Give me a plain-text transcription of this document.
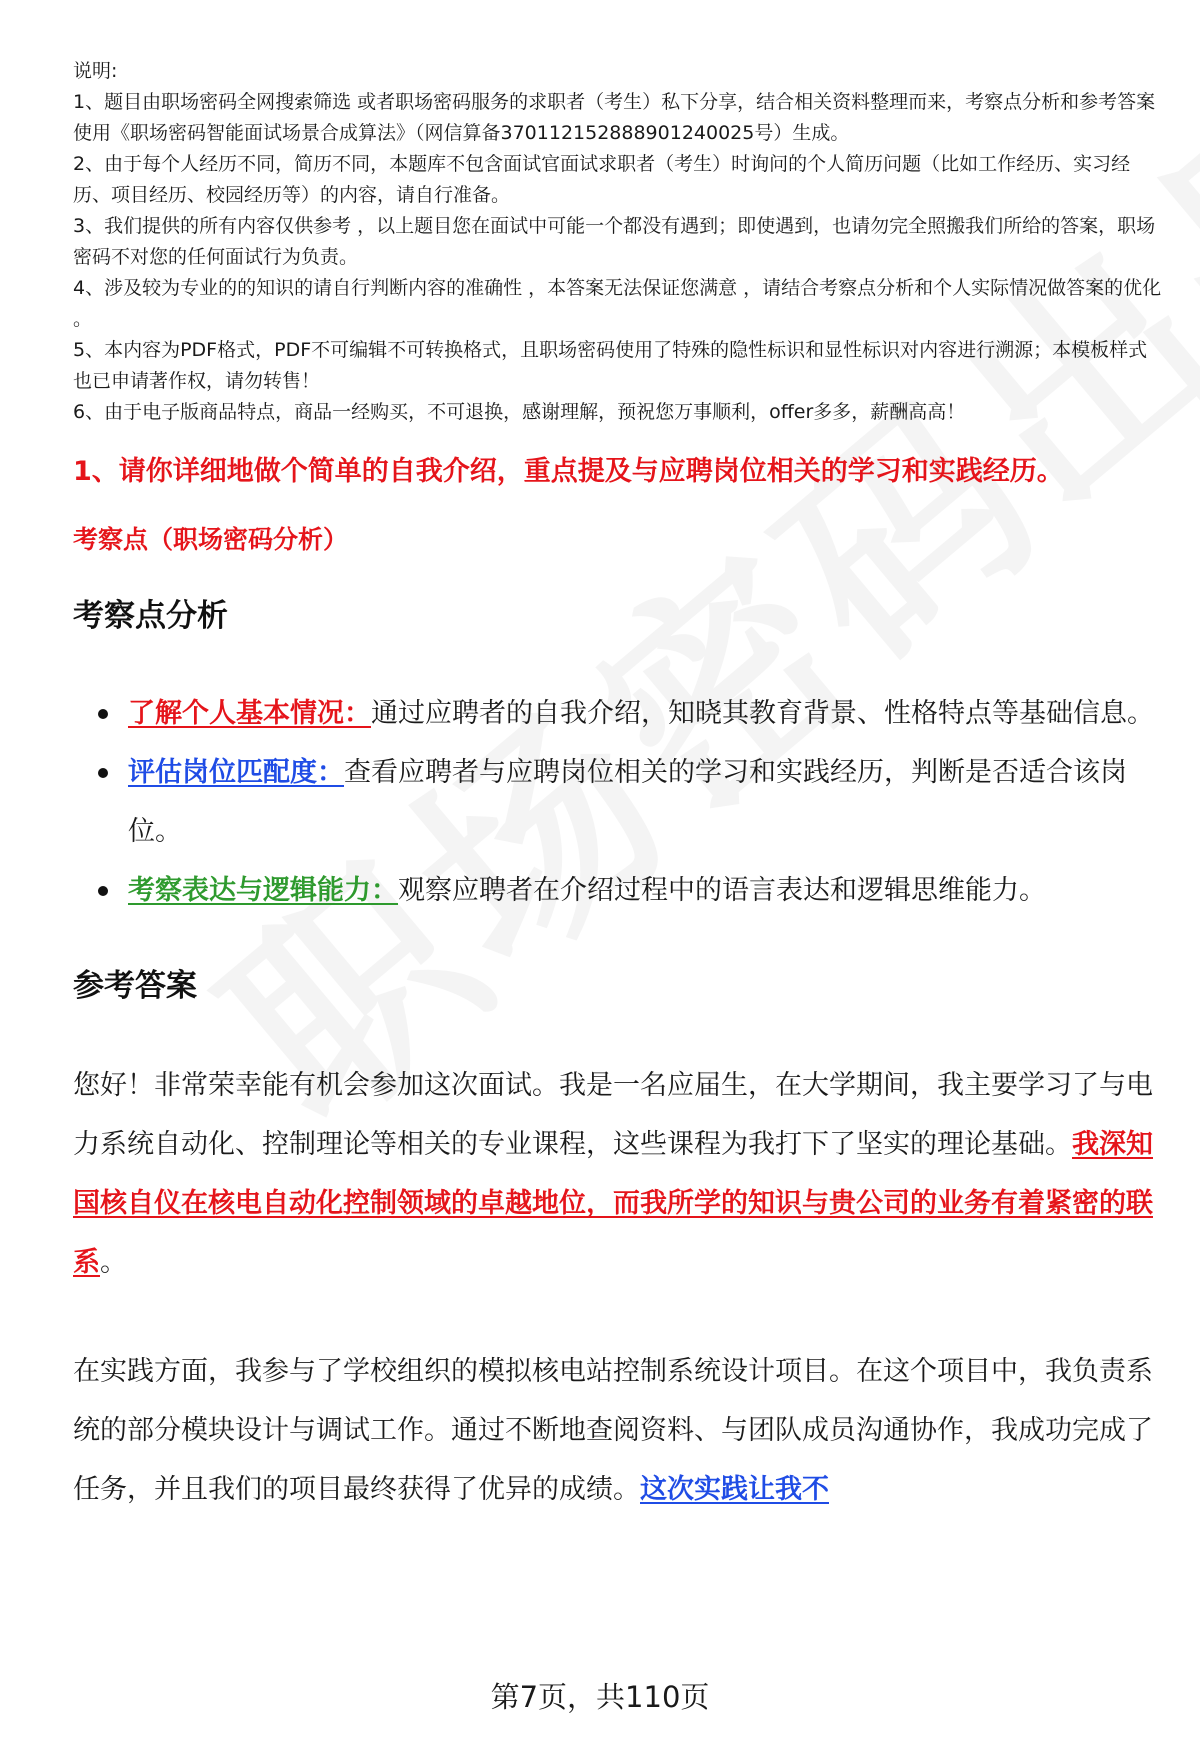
说明:

1、题目由职场密码全网搜索筛选 或者职场密码服务的求职者（考生）私下分享，结合相关资料整理而来，考察点分析和参考答案使用《职场密码智能面试场景合成算法》（网信算备370112152888901240025号）生成。

2、由于每个人经历不同，简历不同，本题库不包含面试官面试求职者（考生）时询问的个人简历问题（比如工作经历、实习经历、项目经历、校园经历等）的内容，请自行准备。

3、我们提供的所有内容仅供参考 ，以上题目您在面试中可能一个都没有遇到；即使遇到，也请勿完全照搬我们所给的答案，职场密码不对您的任何面试行为负责。

4、涉及较为专业的的知识的请自行判断内容的准确性 ，本答案无法保证您满意 ，请结合考察点分析和个人实际情况做答案的优化 。

5、本内容为PDF格式，PDF不可编辑不可转换格式，且职场密码使用了特殊的隐性标识和显性标识对内容进行溯源；本模板样式也已申请著作权，请勿转售！

6、由于电子版商品特点，商品一经购买，不可退换，感谢理解，预祝您万事顺利，offer多多，薪酬高高！

1、请你详细地做个简单的自我介绍，重点提及与应聘岗位相关的学习和实践经历。
考察点（职场密码分析）
考察点分析
了解个人基本情况：通过应聘者的自我介绍，知晓其教育背景、性格特点等基础信息。
评估岗位匹配度：查看应聘者与应聘岗位相关的学习和实践经历，判断是否适合该岗位。
考察表达与逻辑能力：观察应聘者在介绍过程中的语言表达和逻辑思维能力。
参考答案

您好！非常荣幸能有机会参加这次面试。我是一名应届生，在大学期间，我主要学习了与电力系统自动化、控制理论等相关的专业课程，这些课程为我打下了坚实的理论基础。我深知国核自仪在核电自动化控制领域的卓越地位，而我所学的知识与贵公司的业务有着紧密的联系。

在实践方面，我参与了学校组织的模拟核电站控制系统设计项目。在这个项目中，我负责系统的部分模块设计与调试工作。通过不断地查阅资料、与团队成员沟通协作，我成功完成了任务，并且我们的项目最终获得了优异的成绩。这次实践让我不

第7页，共110页
